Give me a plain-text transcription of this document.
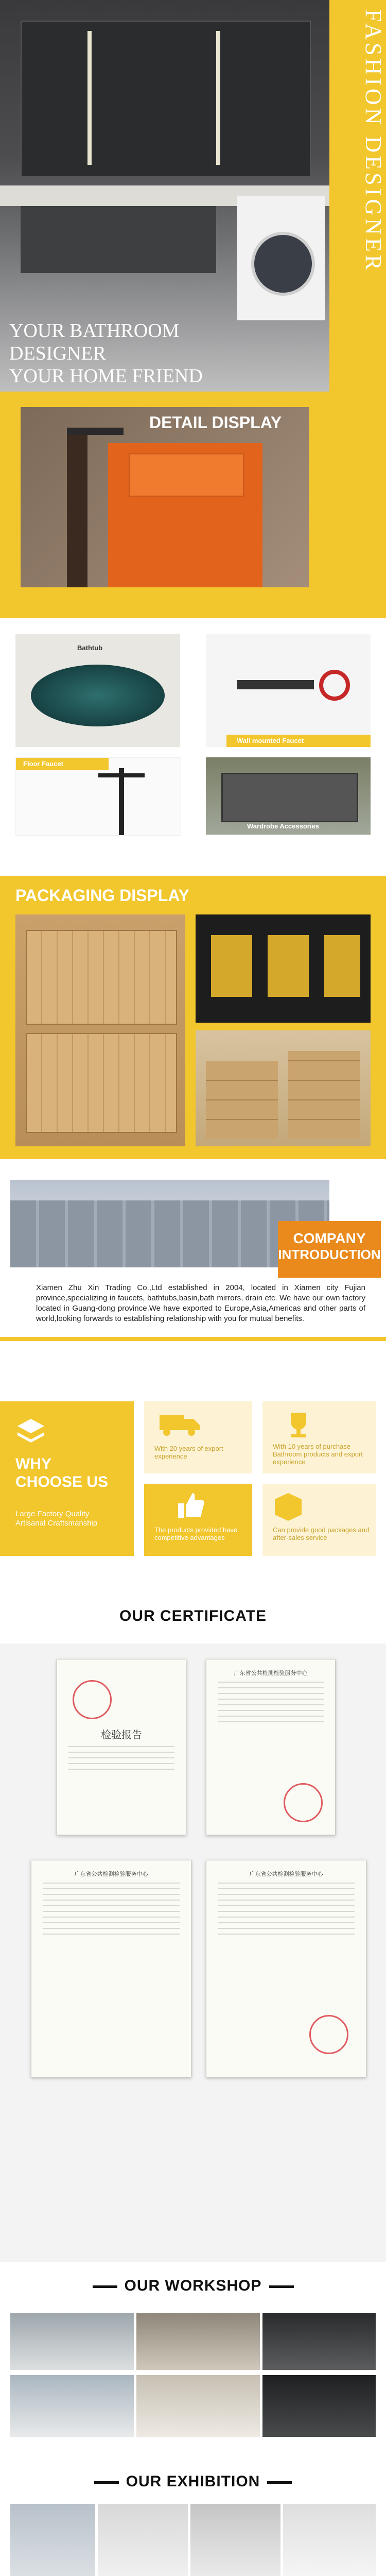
FASHION DESIGNER
YOUR BATHROOM
DESIGNER
YOUR HOME FRIEND
DETAIL DISPLAY
Bathtub
Wall mounted Faucet
Floor Faucet
Wardrobe Accessories
PACKAGING DISPLAY
COMPANY
INTRODUCTION
Xiamen Zhu Xin Trading Co.,Ltd established in 2004, located in Xiamen city Fujian province,specializing in faucets, bathtubs,basin,bath mirrors, drain etc. We have our own factory located in Guang-dong province.We have exported to Europe,Asia,Americas and other parts of world,looking forwards to establishing relationship with you for mutual benefits.
WHY
CHOOSE US
Large Factory Quality Artisanal Craftsmanship
With 20 years of export experience
With 10 years of purchase Bathroom products and export experience
The products provided have competitive advantages
Can provide good packages and after-sales service
OUR CERTIFICATE
检验报告
广东省公共检测检验服务中心
广东省公共检测检验服务中心	广东省公共检测检验服务中心
OUR WORKSHOP
OUR EXHIBITION
